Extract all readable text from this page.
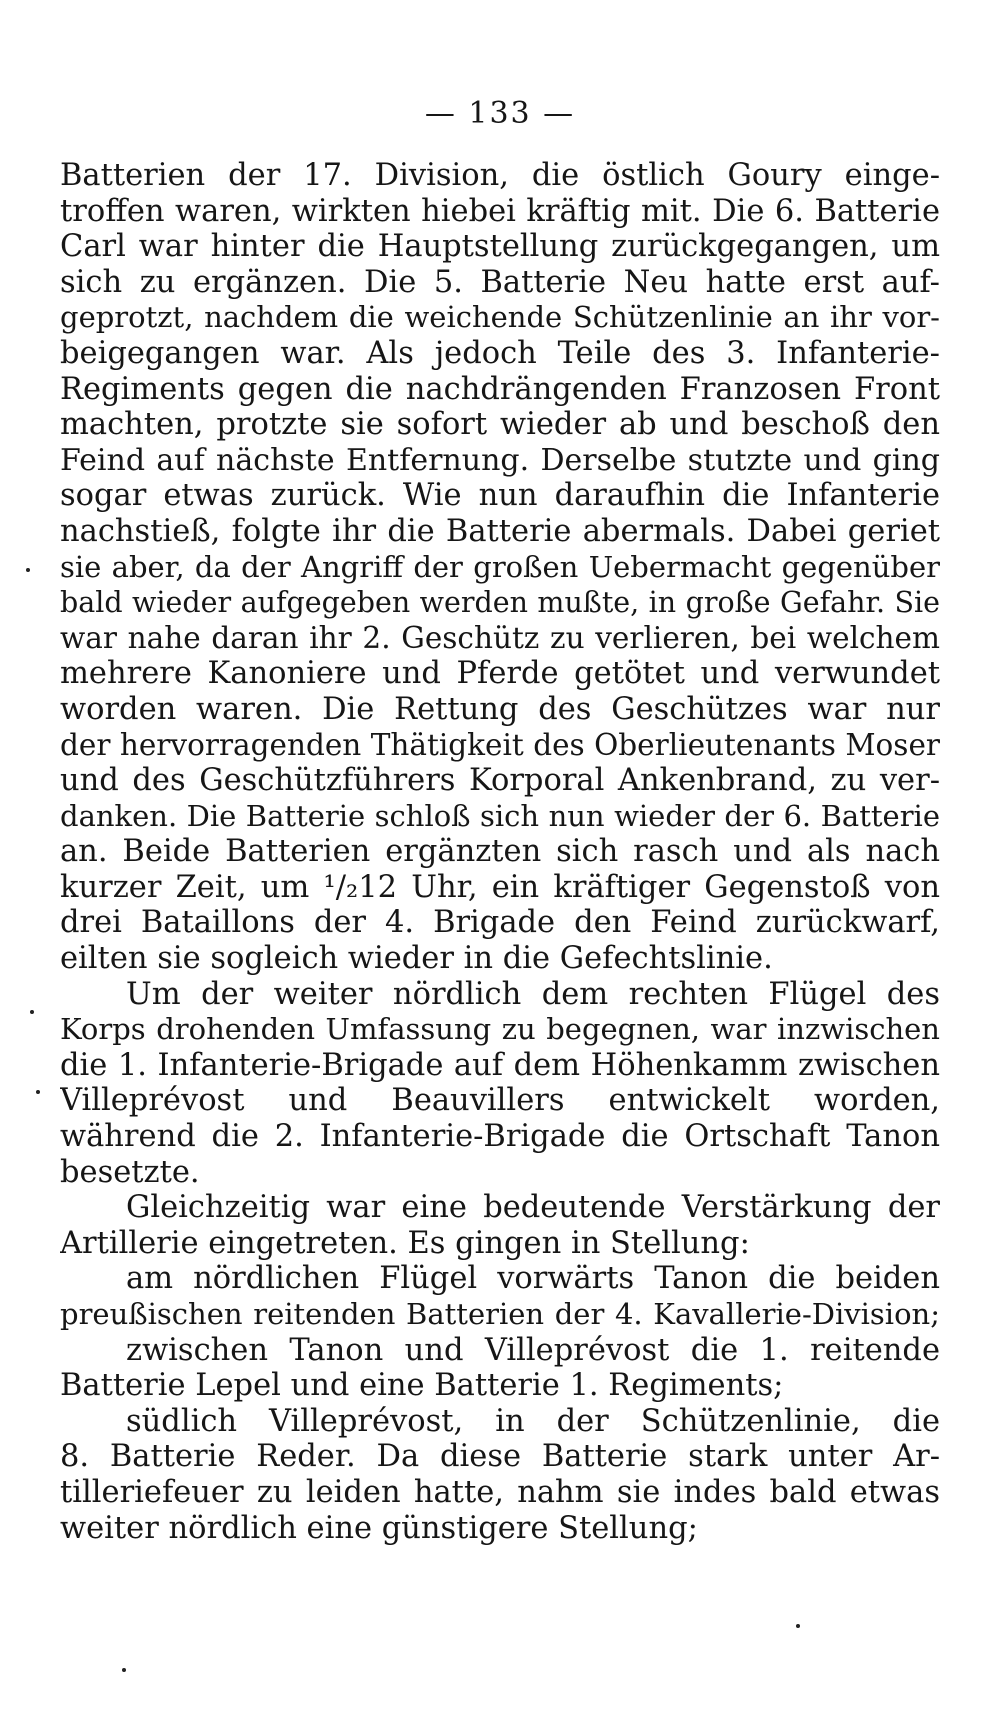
— 133 —

Batterien der 17. Division, die östlich Goury einge-
troffen waren, wirkten hiebei kräftig mit. Die 6. Batterie
Carl war hinter die Hauptstellung zurückgegangen, um
sich zu ergänzen. Die 5. Batterie Neu hatte erst auf-
geprotzt, nachdem die weichende Schützenlinie an ihr vor-
beigegangen war. Als jedoch Teile des 3. Infanterie-
Regiments gegen die nachdrängenden Franzosen Front
machten, protzte sie sofort wieder ab und beschoß den
Feind auf nächste Entfernung. Derselbe stutzte und ging
sogar etwas zurück. Wie nun daraufhin die Infanterie
nachstieß, folgte ihr die Batterie abermals. Dabei geriet
sie aber, da der Angriff der großen Uebermacht gegenüber
bald wieder aufgegeben werden mußte, in große Gefahr. Sie
war nahe daran ihr 2. Geschütz zu verlieren, bei welchem
mehrere Kanoniere und Pferde getötet und verwundet
worden waren. Die Rettung des Geschützes war nur
der hervorragenden Thätigkeit des Oberlieutenants Moser
und des Geschützführers Korporal Ankenbrand, zu ver-
danken. Die Batterie schloß sich nun wieder der 6. Batterie
an. Beide Batterien ergänzten sich rasch und als nach
kurzer Zeit, um ¹/₂12 Uhr, ein kräftiger Gegenstoß von
drei Bataillons der 4. Brigade den Feind zurückwarf,
eilten sie sogleich wieder in die Gefechtslinie.

Um der weiter nördlich dem rechten Flügel des
Korps drohenden Umfassung zu begegnen, war inzwischen
die 1. Infanterie-Brigade auf dem Höhenkamm zwischen
Villeprévost und Beauvillers entwickelt worden,
während die 2. Infanterie-Brigade die Ortschaft Tanon
besetzte.

Gleichzeitig war eine bedeutende Verstärkung der
Artillerie eingetreten. Es gingen in Stellung:

am nördlichen Flügel vorwärts Tanon die beiden
preußischen reitenden Batterien der 4. Kavallerie-Division;

zwischen Tanon und Villeprévost die 1. reitende
Batterie Lepel und eine Batterie 1. Regiments;

südlich Villeprévost, in der Schützenlinie, die
8. Batterie Reder. Da diese Batterie stark unter Ar-
tilleriefeuer zu leiden hatte, nahm sie indes bald etwas
weiter nördlich eine günstigere Stellung;
